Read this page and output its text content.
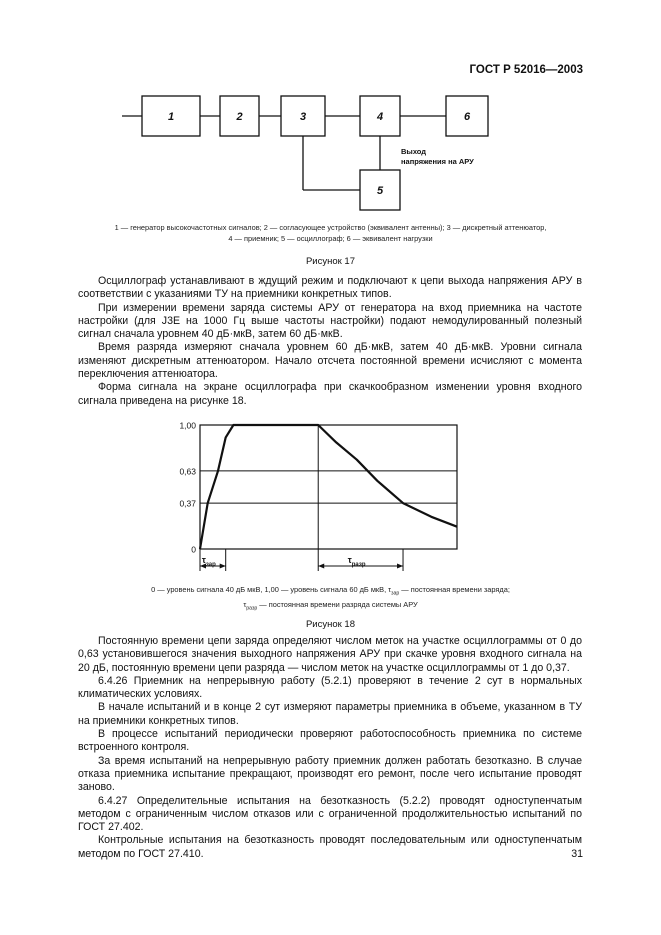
ГОСТ Р 52016—2003
1	2	3	4	6
5
Выход
напряжения на АРУ
1 — генератор высокочастотных сигналов; 2 — согласующее устройство (эквивалент антенны); 3 — дискретный аттенюатор,
4 — приемник; 5 — осциллограф; 6 — эквивалент нагрузки
Рисунок 17

Осциллограф устанавливают в ждущий режим и подключают к цепи выхода напряжения АРУ в соответствии с указаниями ТУ на приемники конкретных типов.

При измерении времени заряда системы АРУ от генератора на вход приемника на частоте настройки (для J3E на 1000 Гц выше частоты настройки) подают немодулированный полезный сигнал сначала уровнем 40 дБ·мкВ, затем 60 дБ·мкВ.

Время разряда измеряют сначала уровнем 60 дБ·мкВ, затем 40 дБ·мкВ. Уровни сигнала изменяют дискретным аттенюатором. Начало отсчета постоянной времени исчисляют с момента переключения аттенюатора.

Форма сигнала на экране осциллографа при скачкообразном изменении уровня входного сигнала приведена на рисунке 18.

1,00
0,63
0,37
0
$\tau_{зар}$	$\tau_{разр}$
0 — уровень сигнала 40 дБ мкВ, 1,00 — уровень сигнала 60 дБ мкВ, $\tau_{зар}$ — постоянная времени заряда;
$\tau_{разр}$ — постоянная времени разряда системы АРУ
Рисунок 18

Постоянную времени цепи заряда определяют числом меток на участке осциллограммы от 0 до 0,63 установившегося значения выходного напряжения АРУ при скачке уровня входного сигнала на 20 дБ, постоянную времени цепи разряда — числом меток на участке осциллограммы от 1 до 0,37.

6.4.26 Приемник на непрерывную работу (5.2.1) проверяют в течение 2 сут в нормальных климатических условиях.

В начале испытаний и в конце 2 сут измеряют параметры приемника в объеме, указанном в ТУ на приемники конкретных типов.

В процессе испытаний периодически проверяют работоспособность приемника по системе встроенного контроля.

За время испытаний на непрерывную работу приемник должен работать безотказно. В случае отказа приемника испытание прекращают, производят его ремонт, после чего испытание проводят заново.

6.4.27 Определительные испытания на безотказность (5.2.2) проводят одноступенчатым методом с ограниченным числом отказов или с ограниченной продолжительностью испытаний по ГОСТ 27.402.

Контрольные испытания на безотказность проводят последовательным или одноступенчатым методом по ГОСТ 27.410.	31
